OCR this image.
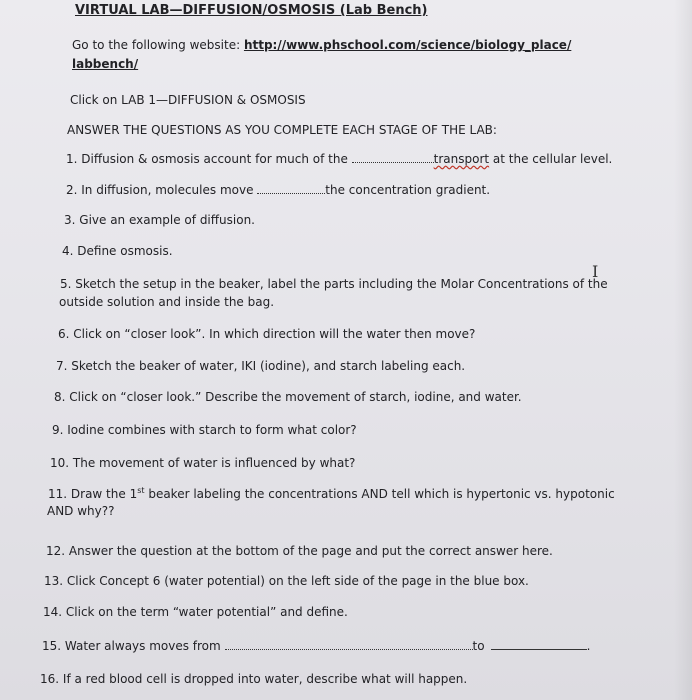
VIRTUAL LAB—DIFFUSION/OSMOSIS (Lab Bench)
Go to the following website: http://www.phschool.com/science/biology_place/
labbench/
Click on LAB 1—DIFFUSION & OSMOSIS
ANSWER THE QUESTIONS AS YOU COMPLETE EACH STAGE OF THE LAB:
1. Diffusion & osmosis account for much of the	transport at the cellular level.
2. In diffusion, molecules move	the concentration gradient.
3. Give an example of diffusion.
4. Define osmosis.
5. Sketch the setup in the beaker, label the parts including the Molar Concentrations of the
outside solution and inside the bag.
I
6. Click on “closer look”. In which direction will the water then move?
7. Sketch the beaker of water, IKI (iodine), and starch labeling each.
8. Click on “closer look.” Describe the movement of starch, iodine, and water.
9. Iodine combines with starch to form what color?
10. The movement of water is influenced by what?
11. Draw the 1st beaker labeling the concentrations AND tell which is hypertonic vs. hypotonic
AND why??
12. Answer the question at the bottom of the page and put the correct answer here.
13. Click Concept 6 (water potential) on the left side of the page in the blue box.
14. Click on the term “water potential” and define.
15. Water always moves from	to	.
16. If a red blood cell is dropped into water, describe what will happen.
